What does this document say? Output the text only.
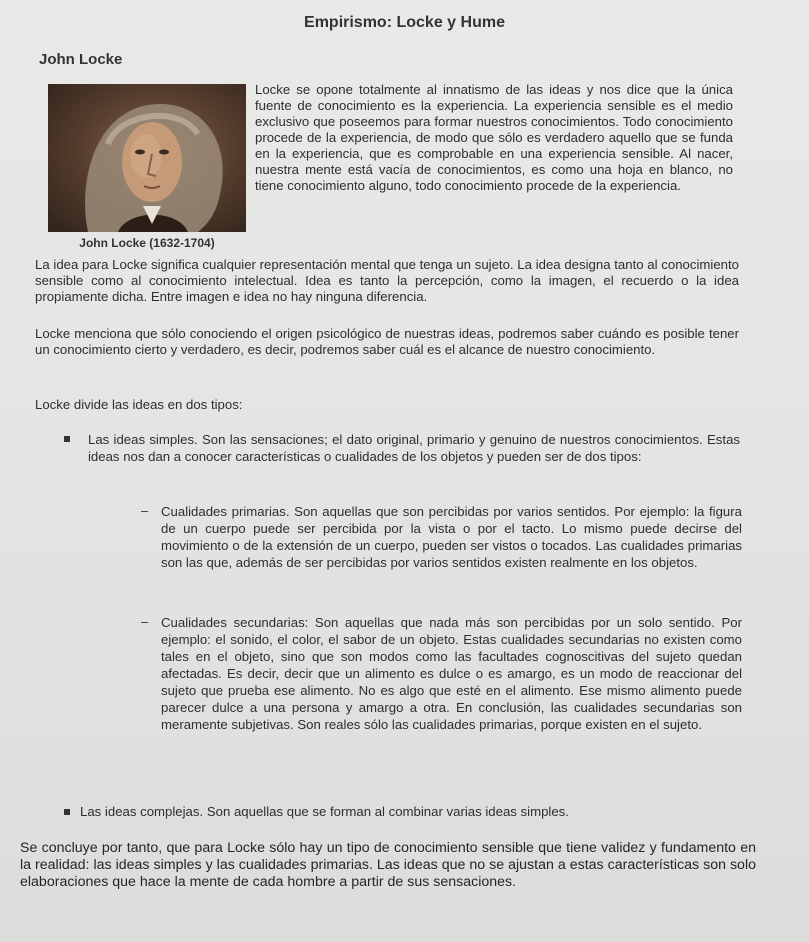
Empirismo: Locke y Hume
John Locke
John Locke (1632-1704)
Locke se opone totalmente al innatismo de las ideas y nos dice que la única fuente de conocimiento es la experiencia. La experiencia sensible es el medio exclusivo que poseemos para formar nuestros conocimientos. Todo conocimiento procede de la experiencia, de modo que sólo es verdadero aquello que se funda en la experiencia, que es comprobable en una experiencia sensible. Al nacer, nuestra mente está vacía de conocimientos, es como una hoja en blanco, no tiene conocimiento alguno, todo conocimiento procede de la experiencia.
La idea para Locke significa cualquier representación mental que tenga un sujeto. La idea designa tanto al conocimiento sensible como al conocimiento intelectual. Idea es tanto la percepción, como la imagen, el recuerdo o la idea propiamente dicha. Entre imagen e idea no hay ninguna diferencia.
Locke menciona que sólo conociendo el origen psicológico de nuestras ideas, podremos saber cuándo es posible tener un conocimiento cierto y verdadero, es decir, podremos saber cuál es el alcance de nuestro conocimiento.
Locke divide las ideas en dos tipos:
Las ideas simples. Son las sensaciones; el dato original, primario y genuino de nuestros conocimientos. Estas ideas nos dan a conocer características o cualidades de los objetos y pueden ser de dos tipos:
– Cualidades primarias. Son aquellas que son percibidas por varios sentidos. Por ejemplo: la figura de un cuerpo puede ser percibida por la vista o por el tacto. Lo mismo puede decirse del movimiento o de la extensión de un cuerpo, pueden ser vistos o tocados. Las cualidades primarias son las que, además de ser percibidas por varios sentidos existen realmente en los objetos.
– Cualidades secundarias: Son aquellas que nada más son percibidas por un solo sentido. Por ejemplo: el sonido, el color, el sabor de un objeto. Estas cualidades secundarias no existen como tales en el objeto, sino que son modos como las facultades cognoscitivas del sujeto quedan afectadas. Es decir, decir que un alimento es dulce o es amargo, es un modo de reaccionar del sujeto que prueba ese alimento. No es algo que esté en el alimento. Ese mismo alimento puede parecer dulce a una persona y amargo a otra. En conclusión, las cualidades secundarias son meramente subjetivas. Son reales sólo las cualidades primarias, porque existen en el sujeto.
Las ideas complejas. Son aquellas que se forman al combinar varias ideas simples.
Se concluye por tanto, que para Locke sólo hay un tipo de conocimiento sensible que tiene validez y fundamento en la realidad: las ideas simples y las cualidades primarias. Las ideas que no se ajustan a estas características son solo elaboraciones que hace la mente de cada hombre a partir de sus sensaciones.
